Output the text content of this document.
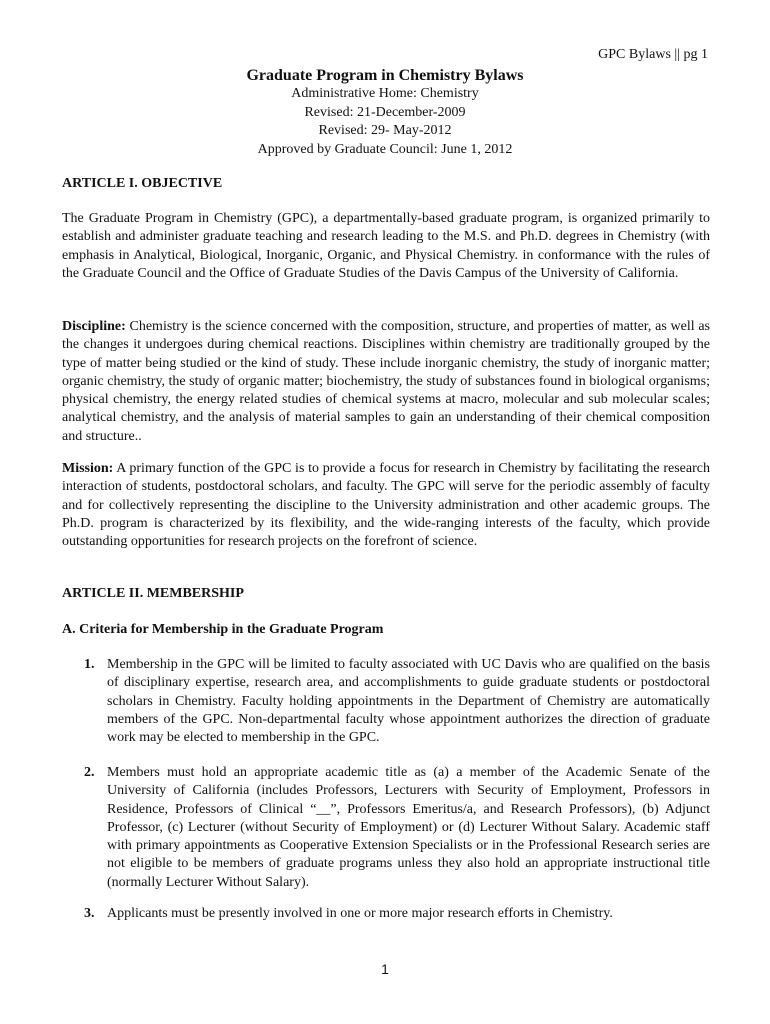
GPC Bylaws || pg 1
Graduate Program in Chemistry Bylaws
Administrative Home: Chemistry
Revised: 21-December-2009
Revised: 29- May-2012
Approved by Graduate Council: June 1, 2012
ARTICLE I. OBJECTIVE

The Graduate Program in Chemistry (GPC), a departmentally-based graduate program, is organized primarily to establish and administer graduate teaching and research leading to the M.S. and Ph.D. degrees in Chemistry (with emphasis in Analytical, Biological, Inorganic, Organic, and Physical Chemistry. in conformance with the rules of the Graduate Council and the Office of Graduate Studies of the Davis Campus of the University of California.

Discipline: Chemistry is the science concerned with the composition, structure, and properties of matter, as well as the changes it undergoes during chemical reactions. Disciplines within chemistry are traditionally grouped by the type of matter being studied or the kind of study. These include inorganic chemistry, the study of inorganic matter; organic chemistry, the study of organic matter; biochemistry, the study of substances found in biological organisms; physical chemistry, the energy related studies of chemical systems at macro, molecular and sub molecular scales; analytical chemistry, and the analysis of material samples to gain an understanding of their chemical composition and structure..

Mission: A primary function of the GPC is to provide a focus for research in Chemistry by facilitating the research interaction of students, postdoctoral scholars, and faculty. The GPC will serve for the periodic assembly of faculty and for collectively representing the discipline to the University administration and other academic groups. The Ph.D. program is characterized by its flexibility, and the wide-ranging interests of the faculty, which provide outstanding opportunities for research projects on the forefront of science.

ARTICLE II. MEMBERSHIP
A. Criteria for Membership in the Graduate Program
1. Membership in the GPC will be limited to faculty associated with UC Davis who are qualified on the basis of disciplinary expertise, research area, and accomplishments to guide graduate students or postdoctoral scholars in Chemistry. Faculty holding appointments in the Department of Chemistry are automatically members of the GPC. Non-departmental faculty whose appointment authorizes the direction of graduate work may be elected to membership in the GPC.
2. Members must hold an appropriate academic title as (a) a member of the Academic Senate of the University of California (includes Professors, Lecturers with Security of Employment, Professors in Residence, Professors of Clinical “__”, Professors Emeritus/a, and Research Professors), (b) Adjunct Professor, (c) Lecturer (without Security of Employment) or (d) Lecturer Without Salary. Academic staff with primary appointments as Cooperative Extension Specialists or in the Professional Research series are not eligible to be members of graduate programs unless they also hold an appropriate instructional title (normally Lecturer Without Salary).
3. Applicants must be presently involved in one or more major research efforts in Chemistry.
1
